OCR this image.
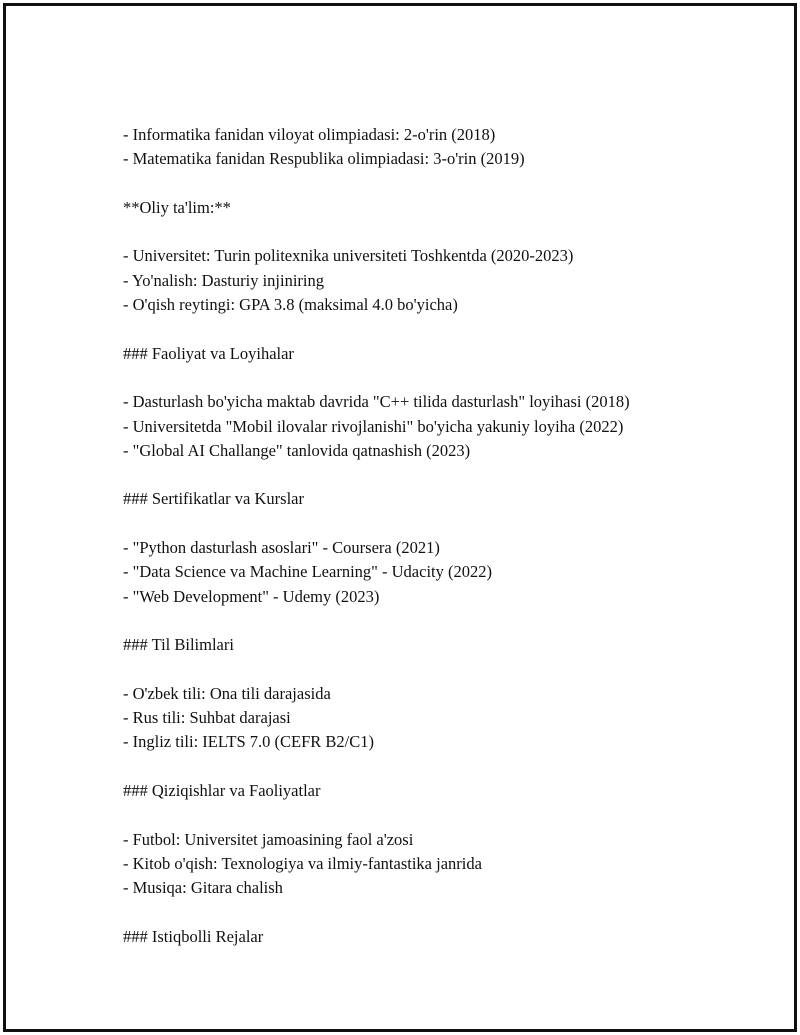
- Informatika fanidan viloyat olimpiadasi: 2-o'rin (2018)
- Matematika fanidan Respublika olimpiadasi: 3-o'rin (2019)
**Oliy ta'lim:**
- Universitet: Turin politexnika universiteti Toshkentda (2020-2023)
- Yo'nalish: Dasturiy injiniring
- O'qish reytingi: GPA 3.8 (maksimal 4.0 bo'yicha)
### Faoliyat va Loyihalar
- Dasturlash bo'yicha maktab davrida "C++ tilida dasturlash" loyihasi (2018)
- Universitetda "Mobil ilovalar rivojlanishi" bo'yicha yakuniy loyiha (2022)
- "Global AI Challange" tanlovida qatnashish (2023)
### Sertifikatlar va Kurslar
- "Python dasturlash asoslari" - Coursera (2021)
- "Data Science va Machine Learning" - Udacity (2022)
- "Web Development" - Udemy (2023)
### Til Bilimlari
- O'zbek tili: Ona tili darajasida
- Rus tili: Suhbat darajasi
- Ingliz tili: IELTS 7.0 (CEFR B2/C1)
### Qiziqishlar va Faoliyatlar
- Futbol: Universitet jamoasining faol a'zosi
- Kitob o'qish: Texnologiya va ilmiy-fantastika janrida
- Musiqa: Gitara chalish
### Istiqbolli Rejalar
